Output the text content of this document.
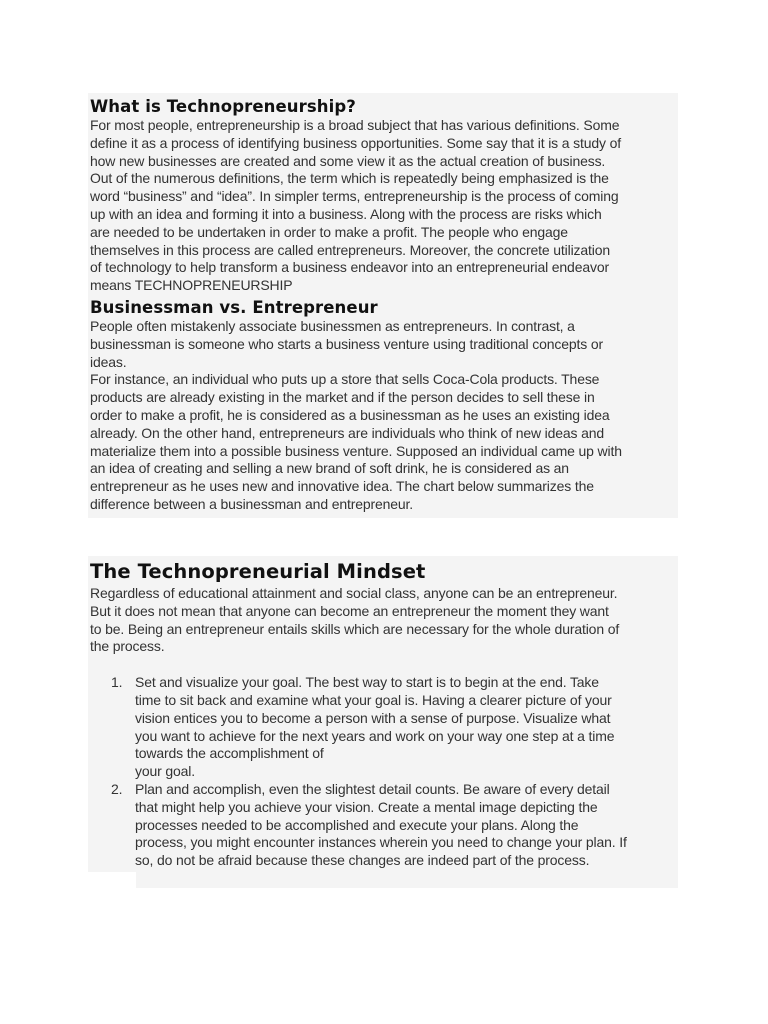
What is Technopreneurship?

For most people, entrepreneurship is a broad subject that has various definitions. Some
define it as a process of identifying business opportunities. Some say that it is a study of
how new businesses are created and some view it as the actual creation of business.
Out of the numerous definitions, the term which is repeatedly being emphasized is the
word “business” and “idea”. In simpler terms, entrepreneurship is the process of coming
up with an idea and forming it into a business. Along with the process are risks which
are needed to be undertaken in order to make a profit. The people who engage
themselves in this process are called entrepreneurs. Moreover, the concrete utilization
of technology to help transform a business endeavor into an entrepreneurial endeavor
means TECHNOPRENEURSHIP

Businessman vs. Entrepreneur

People often mistakenly associate businessmen as entrepreneurs. In contrast, a
businessman is someone who starts a business venture using traditional concepts or
ideas.

For instance, an individual who puts up a store that sells Coca-Cola products. These
products are already existing in the market and if the person decides to sell these in
order to make a profit, he is considered as a businessman as he uses an existing idea
already. On the other hand, entrepreneurs are individuals who think of new ideas and
materialize them into a possible business venture. Supposed an individual came up with
an idea of creating and selling a new brand of soft drink, he is considered as an
entrepreneur as he uses new and innovative idea. The chart below summarizes the
difference between a businessman and entrepreneur.

The Technopreneurial Mindset

Regardless of educational attainment and social class, anyone can be an entrepreneur.
But it does not mean that anyone can become an entrepreneur the moment they want
to be. Being an entrepreneur entails skills which are necessary for the whole duration of
the process.

1. Set and visualize your goal. The best way to start is to begin at the end. Take
time to sit back and examine what your goal is. Having a clearer picture of your
vision entices you to become a person with a sense of purpose. Visualize what
you want to achieve for the next years and work on your way one step at a time
towards the accomplishment of
your goal.
2. Plan and accomplish, even the slightest detail counts. Be aware of every detail
that might help you achieve your vision. Create a mental image depicting the
processes needed to be accomplished and execute your plans. Along the
process, you might encounter instances wherein you need to change your plan. If
so, do not be afraid because these changes are indeed part of the process.
